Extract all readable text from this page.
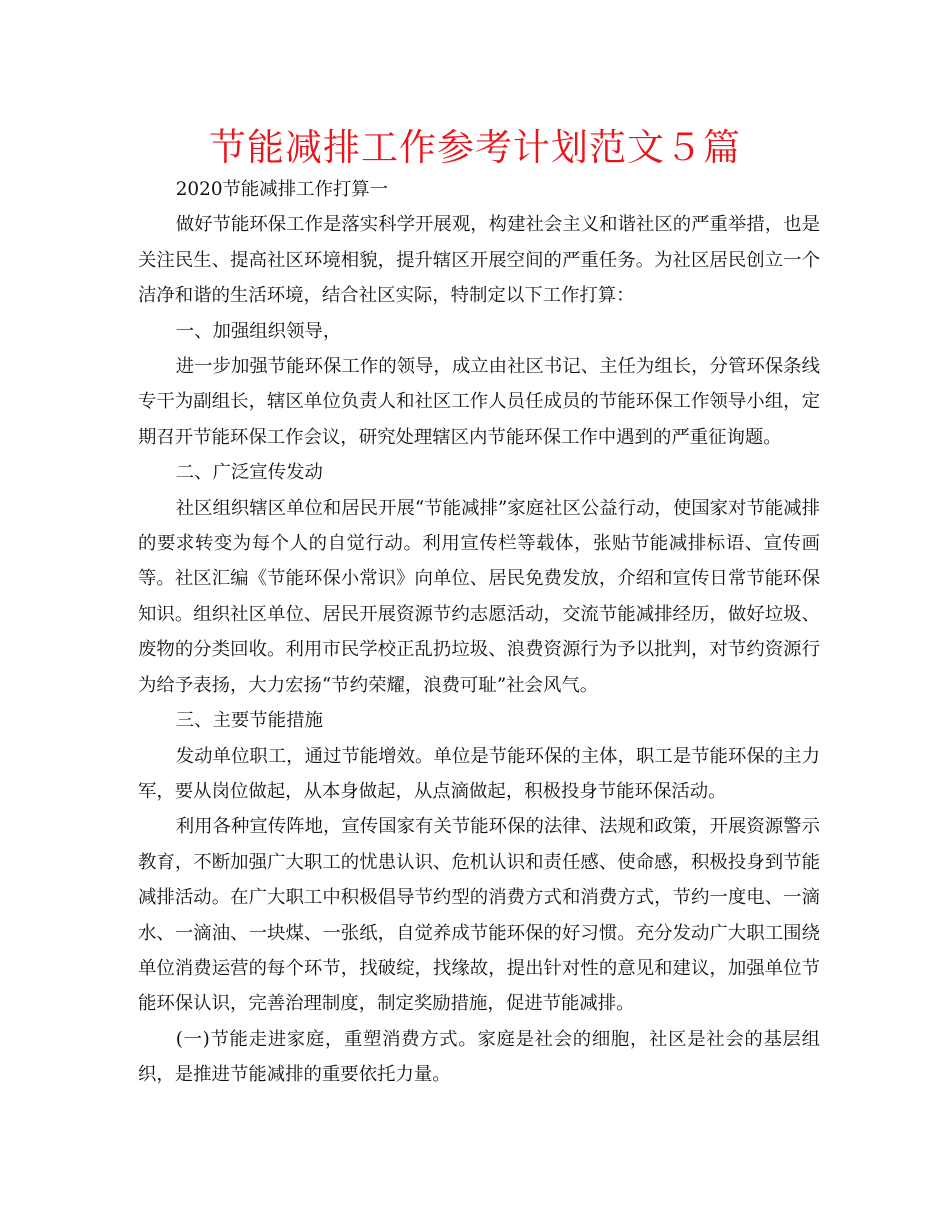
节能减排工作参考计划范文５篇

2020节能减排工作打算一

做好节能环保工作是落实科学开展观，构建社会主义和谐社区的严重举措，也是关注民生、提高社区环境相貌，提升辖区开展空间的严重任务。为社区居民创立一个洁净和谐的生活环境，结合社区实际，特制定以下工作打算：

一、加强组织领导，

进一步加强节能环保工作的领导，成立由社区书记、主任为组长，分管环保条线专干为副组长，辖区单位负责人和社区工作人员任成员的节能环保工作领导小组，定期召开节能环保工作会议，研究处理辖区内节能环保工作中遇到的严重征询题。

二、广泛宣传发动

社区组织辖区单位和居民开展“节能减排”家庭社区公益行动，使国家对节能减排的要求转变为每个人的自觉行动。利用宣传栏等载体，张贴节能减排标语、宣传画等。社区汇编《节能环保小常识》向单位、居民免费发放，介绍和宣传日常节能环保知识。组织社区单位、居民开展资源节约志愿活动，交流节能减排经历，做好垃圾、废物的分类回收。利用市民学校正乱扔垃圾、浪费资源行为予以批判，对节约资源行为给予表扬，大力宏扬“节约荣耀，浪费可耻”社会风气。

三、主要节能措施

发动单位职工，通过节能增效。单位是节能环保的主体，职工是节能环保的主力军，要从岗位做起，从本身做起，从点滴做起，积极投身节能环保活动。

利用各种宣传阵地，宣传国家有关节能环保的法律、法规和政策，开展资源警示教育，不断加强广大职工的忧患认识、危机认识和责任感、使命感，积极投身到节能减排活动。在广大职工中积极倡导节约型的消费方式和消费方式，节约一度电、一滴水、一滴油、一块煤、一张纸，自觉养成节能环保的好习惯。充分发动广大职工围绕单位消费运营的每个环节，找破绽，找缘故，提出针对性的意见和建议，加强单位节能环保认识，完善治理制度，制定奖励措施，促进节能减排。

(一)节能走进家庭，重塑消费方式。家庭是社会的细胞，社区是社会的基层组织，是推进节能减排的重要依托力量。
